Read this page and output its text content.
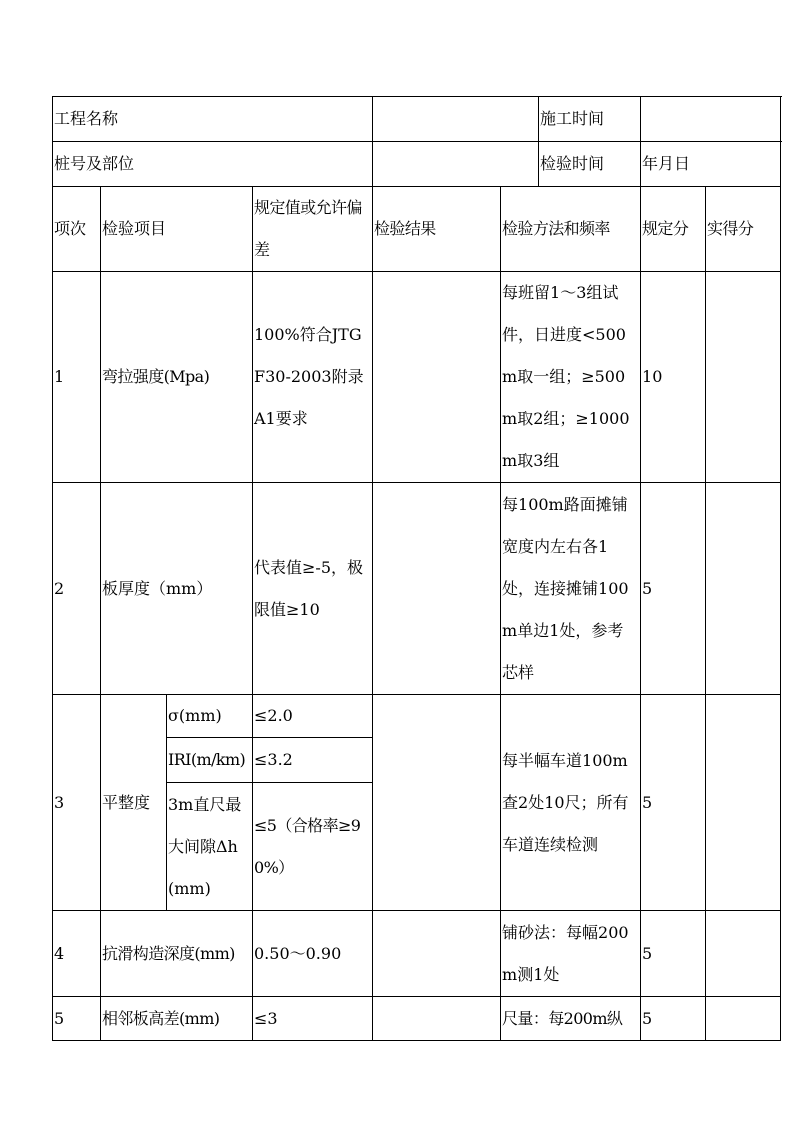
工程名称						施工时间		
桩号及部位						检验时间	年月日	
项次	检验项目		规定值或允许偏差	检验结果	检验方法和频率		规定分	实得分
1	弯拉强度(Mpa)		100%符合JTGF30-2003附录A1要求		每班留1～3组试件，日进度<500m取一组；≥500m取2组；≥1000m取3组		10	
2	板厚度（mm）		代表值≥-5，极限值≥10		每100m路面摊铺宽度内左右各1处，连接摊铺100m单边1处，参考芯样		5	
3	平整度	σ(mm)	≤2.0		每半幅车道100m查2处10尺；所有车道连续检测		5	
		IRI(m/km)	≤3.2					
		3m直尺最大间隙Δh(mm)	≤5（合格率≥90%）					
4	抗滑构造深度(mm)		0.50～0.90		铺砂法：每幅200m测1处		5	
5	相邻板高差(mm)		≤3		尺量：每200m纵		5	
